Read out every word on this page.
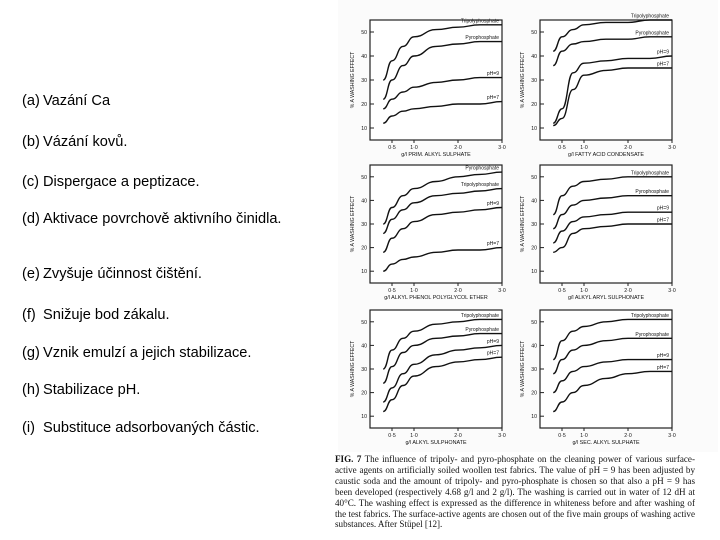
(a) Vazání Ca
(b) Vázání kovů.
(c) Dispergace a peptizace.
(d) Aktivace povrchově aktivního činidla.
(e) Zvyšuje účinnost čištění.
(f) Snižuje bod zákalu.
(g) Vznik emulzí a jejich stabilizace.
(h) Stabilizace pH.
(i) Substituce adsorbovaných částic.
10
20
30
40
50
0·5	1·0	2·0	3·0
g/l PRIM. ALKYL SULPHATE
% A WASHING EFFECT
Tripolyphosphate
Pyrophosphate
pH=9
pH=7
10
20
30
40
50
0·5	1·0	2·0	3·0
g/l FATTY ACID CONDENSATE
% A WASHING EFFECT
Tripolyphosphate
Pyrophosphate
pH=9
pH=7
10
20
30
40
50
0·5	1·0	2·0	3·0
g/l ALKYL PHENOL POLYGLYCOL ETHER
% A WASHING EFFECT
Pyrophosphate
Tripolyphosphate
pH=9
pH=7
10
20
30
40
50
0·5	1·0	2·0	3·0
g/l ALKYL ARYL SULPHONATE
% A WASHING EFFECT
Tripolyphosphate
Pyrophosphate
pH=9
pH=7
10
20
30
40
50
0·5	1·0	2·0	3·0
g/l ALKYL SULPHONATE
% A WASHING EFFECT
Tripolyphosphate
Pyrophosphate
pH=9
pH=7
10
20
30
40
50
0·5	1·0	2·0	3·0
g/l SEC. ALKYL SULPHATE
% A WASHING EFFECT
Tripolyphosphate
Pyrophosphate
pH=9
pH=7
FIG. 7 The influence of tripoly- and pyro-phosphate on the cleaning power of various surface-active agents on artificially soiled woollen test fabrics. The value of pH = 9 has been adjusted by caustic soda and the amount of tripoly- and pyro-phosphate is chosen so that also a pH = 9 has been developed (respectively 4.68 g/l and 2 g/l). The washing is carried out in water of 12 dH at 40°C. The washing effect is expressed as the difference in whiteness before and after washing of the test fabrics. The surface-active agents are chosen out of the five main groups of washing active substances. After Stüpel [12].
